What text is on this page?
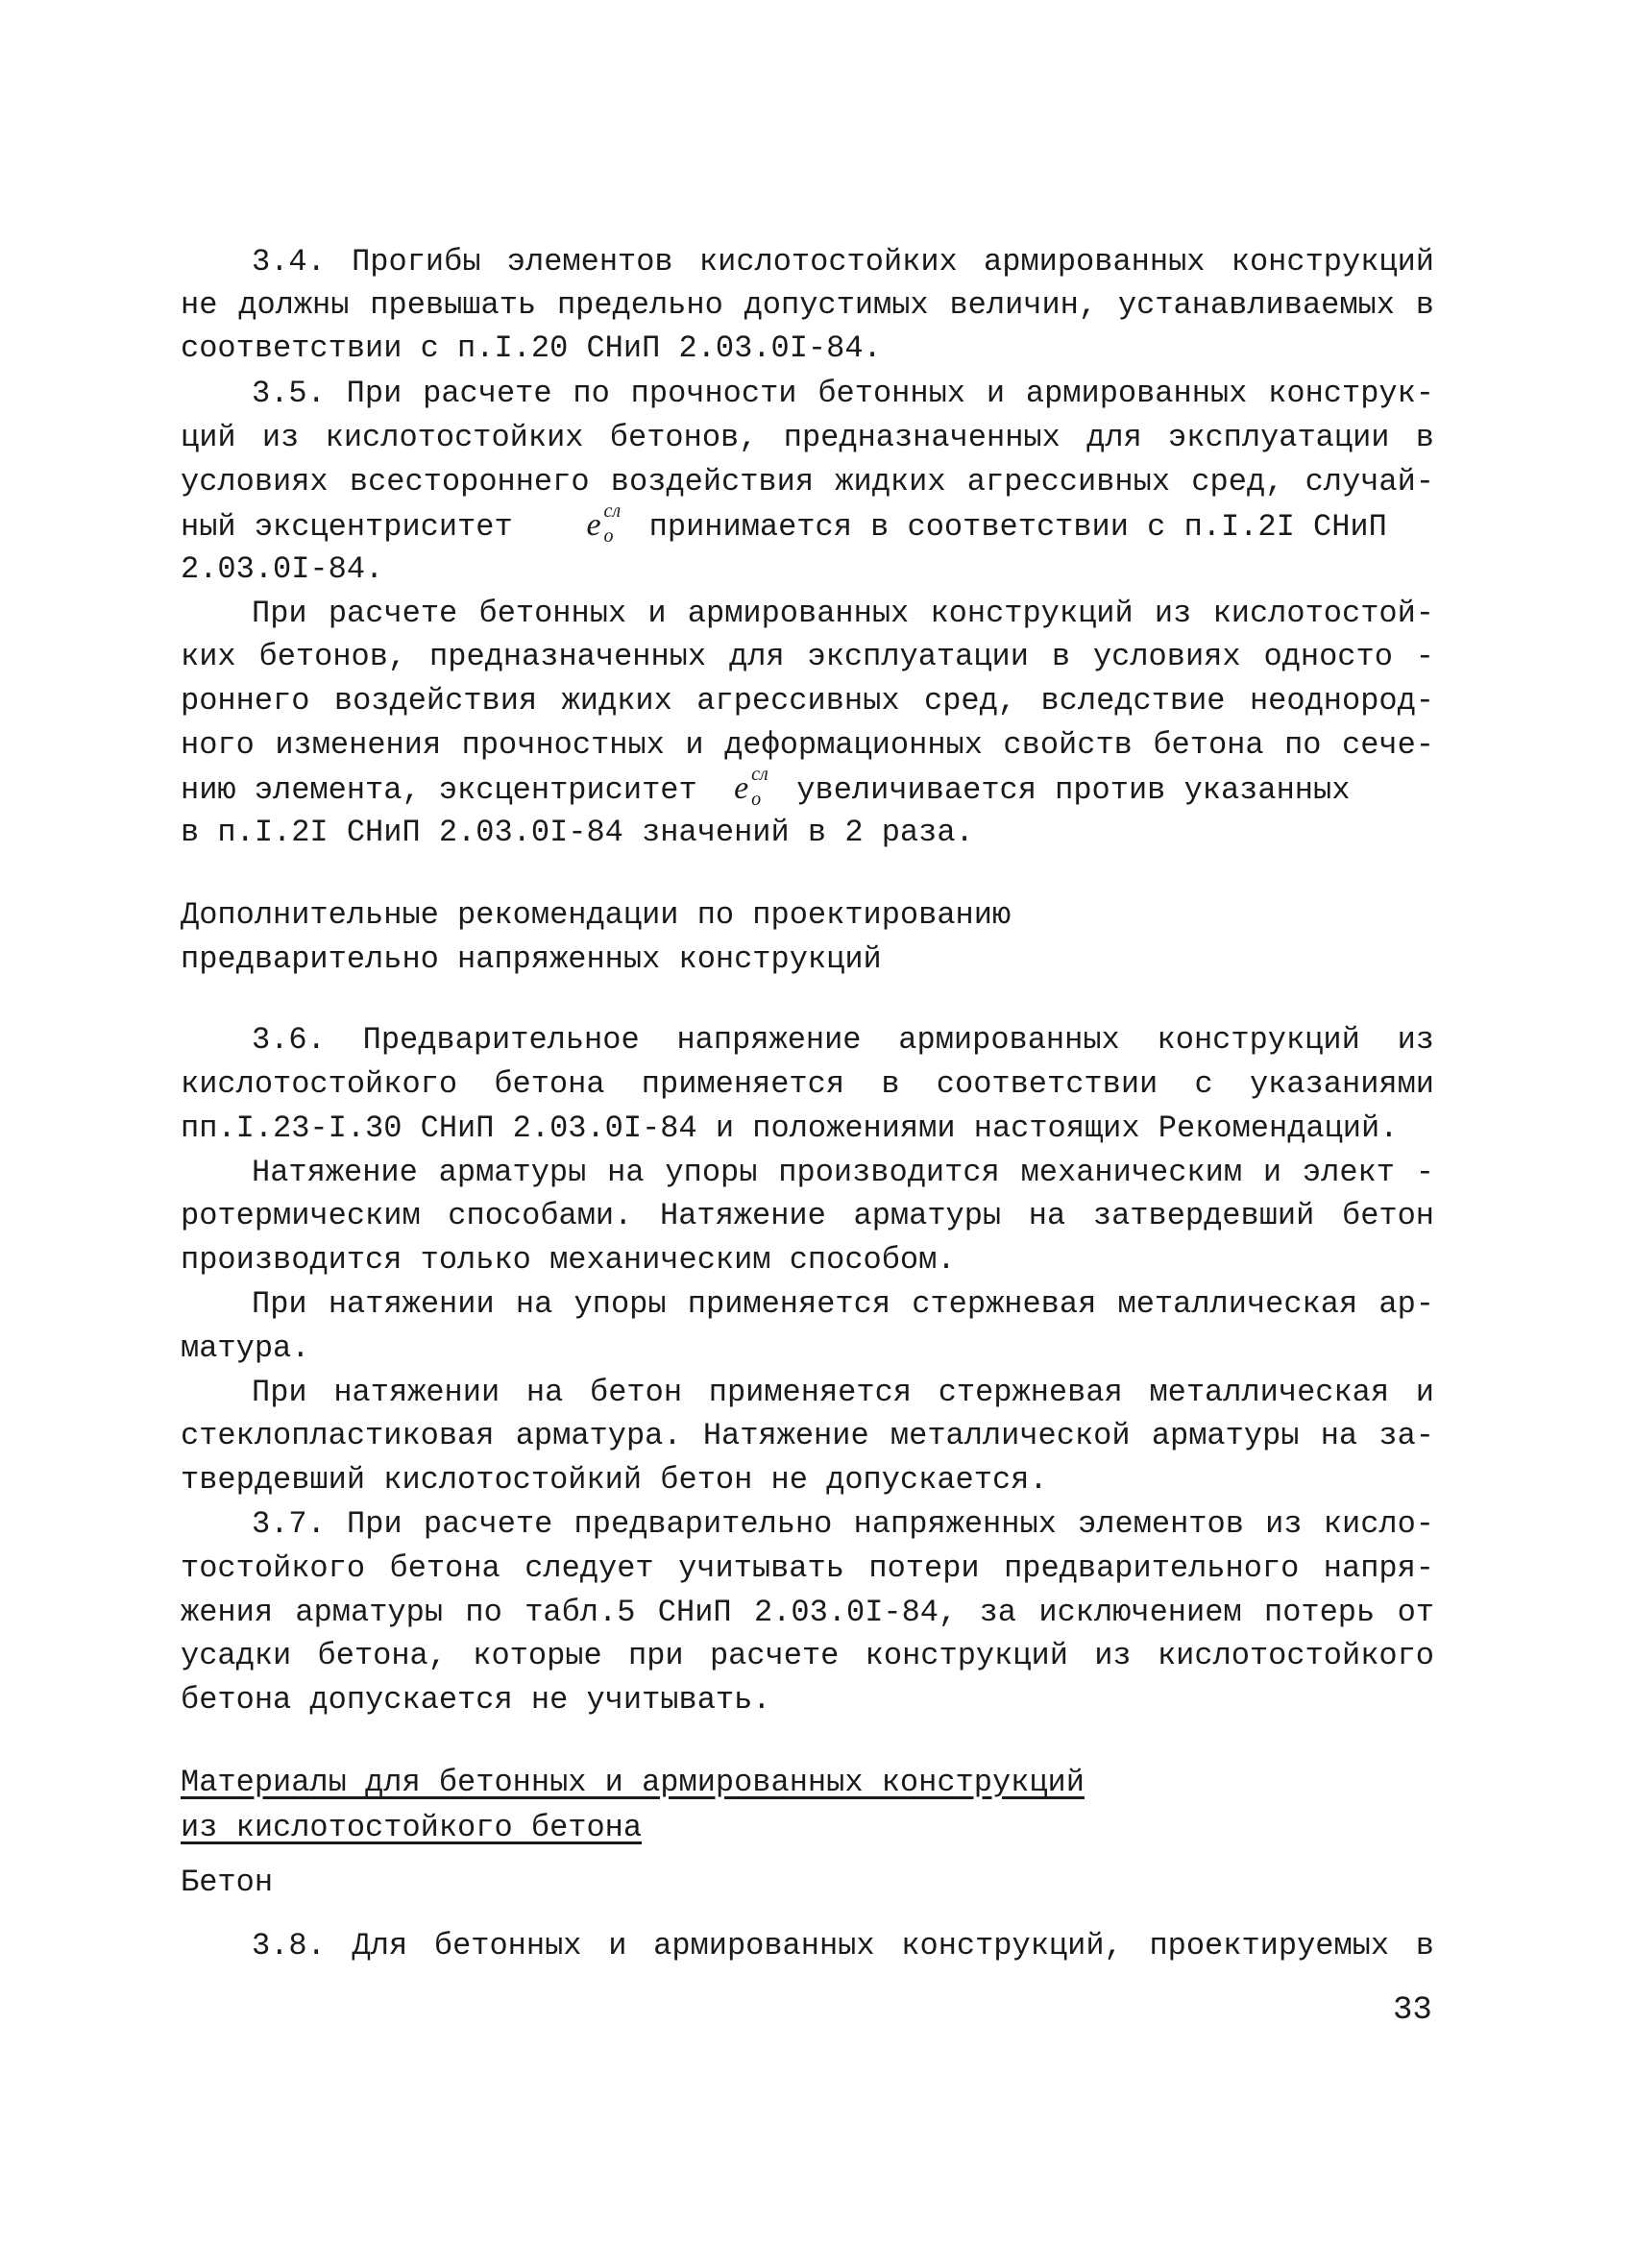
3.4. Прогибы элементов кислотостойких армированных конструкций
не должны превышать предельно допустимых величин, устанавливаемых в
соответствии с п.I.20 СНиП 2.03.0I-84.
3.5. При расчете по прочности бетонных и армированных конструк-
ций из кислотостойких бетонов, предназначенных для эксплуатации в
условиях всестороннего воздействия жидких агрессивных сред, случай-
ный эксцентриситет e сл
о принимается в соответствии с п.I.2I СНиП
2.03.0I-84.
При расчете бетонных и армированных конструкций из кислотостой-
ких бетонов, предназначенных для эксплуатации в условиях односто -
роннего воздействия жидких агрессивных сред, вследствие неоднород-
ного изменения прочностных и деформационных свойств бетона по сече-
нию элемента, эксцентриситет e сл
о увеличивается против указанных
в п.I.2I СНиП 2.03.0I-84 значений в 2 раза.
Дополнительные рекомендации по проектированию
предварительно напряженных конструкций
3.6. Предварительное напряжение армированных конструкций из
кислотостойкого бетона применяется в соответствии с указаниями
пп.I.23-I.30 СНиП 2.03.0I-84 и положениями настоящих Рекомендаций.
Натяжение арматуры на упоры производится механическим и элект -
ротермическим способами. Натяжение арматуры на затвердевший бетон
производится только механическим способом.
При натяжении на упоры применяется стержневая металлическая ар-
матура.
При натяжении на бетон применяется стержневая металлическая и
стеклопластиковая арматура. Натяжение металлической арматуры на за-
твердевший кислотостойкий бетон не допускается.
3.7. При расчете предварительно напряженных элементов из кисло-
тостойкого бетона следует учитывать потери предварительного напря-
жения арматуры по табл.5 СНиП 2.03.0I-84, за исключением потерь от
усадки бетона, которые при расчете конструкций из кислотостойкого
бетона допускается не учитывать.
Материалы для бетонных и армированных конструкций
из кислотостойкого бетона
Бетон
3.8. Для бетонных и армированных конструкций, проектируемых в
33
